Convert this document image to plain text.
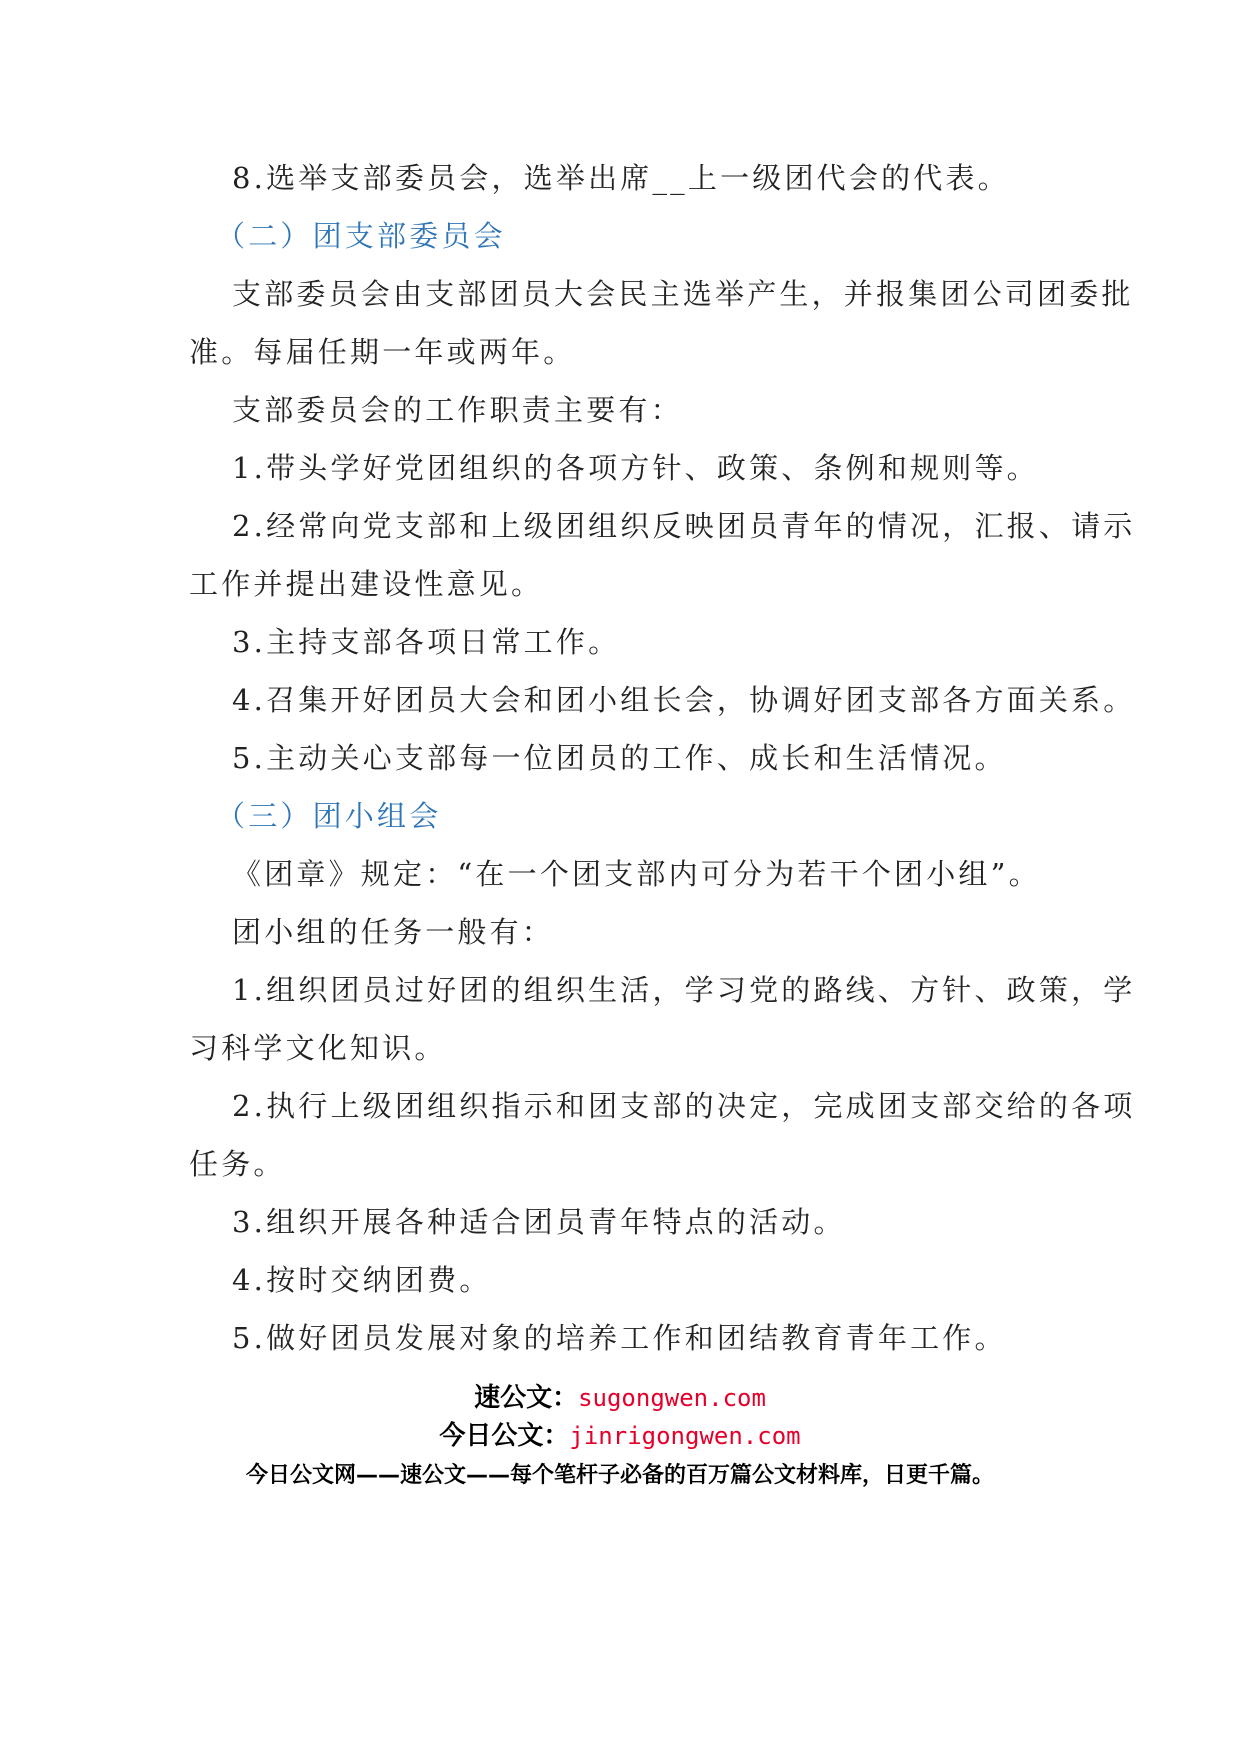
8.选举支部委员会，选举出席__上一级团代会的代表。
（二）团支部委员会
支部委员会由支部团员大会民主选举产生，并报集团公司团委批
准。每届任期一年或两年。
支部委员会的工作职责主要有：
1.带头学好党团组织的各项方针、政策、条例和规则等。
2.经常向党支部和上级团组织反映团员青年的情况，汇报、请示
工作并提出建设性意见。
3.主持支部各项日常工作。
4.召集开好团员大会和团小组长会，协调好团支部各方面关系。
5.主动关心支部每一位团员的工作、成长和生活情况。
（三）团小组会
《团章》规定：“在一个团支部内可分为若干个团小组”。
团小组的任务一般有：
1.组织团员过好团的组织生活，学习党的路线、方针、政策，学
习科学文化知识。
2.执行上级团组织指示和团支部的决定，完成团支部交给的各项
任务。
3.组织开展各种适合团员青年特点的活动。
4.按时交纳团费。
5.做好团员发展对象的培养工作和团结教育青年工作。
速公文：sugongwen.com
今日公文：jinrigongwen.com
今日公文网——速公文——每个笔杆子必备的百万篇公文材料库，日更千篇。
